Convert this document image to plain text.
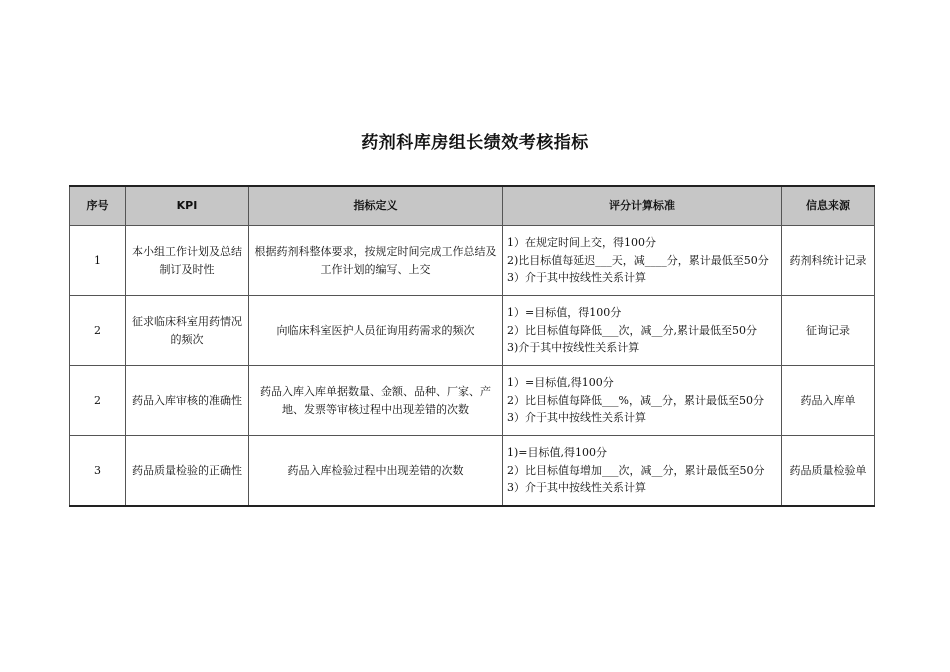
药剂科库房组长绩效考核指标
序号	KPI	指标定义	评分计算标准	信息来源
1	本小组工作计划及总结制订及时性	根据药剂科整体要求，按规定时间完成工作总结及工作计划的编写、上交	1）在规定时间上交，得100分
2)比目标值每延迟___天，减____分，累计最低至50分
3）介于其中按线性关系计算	药剂科统计记录
2	征求临床科室用药情况的频次	向临床科室医护人员征询用药需求的频次	1）=目标值，得100分
2）比目标值每降低___次，减__分,累计最低至50分
3)介于其中按线性关系计算	征询记录
2	药品入库审核的准确性	药品入库入库单据数量、金额、品种、厂家、产地、发票等审核过程中出现差错的次数	1）=目标值,得100分
2）比目标值每降低___%，减__分，累计最低至50分
3）介于其中按线性关系计算	药品入库单
3	药品质量检验的正确性	药品入库检验过程中出现差错的次数	1)=目标值,得100分
2）比目标值每增加___次，减__分，累计最低至50分
3）介于其中按线性关系计算	药品质量检验单
